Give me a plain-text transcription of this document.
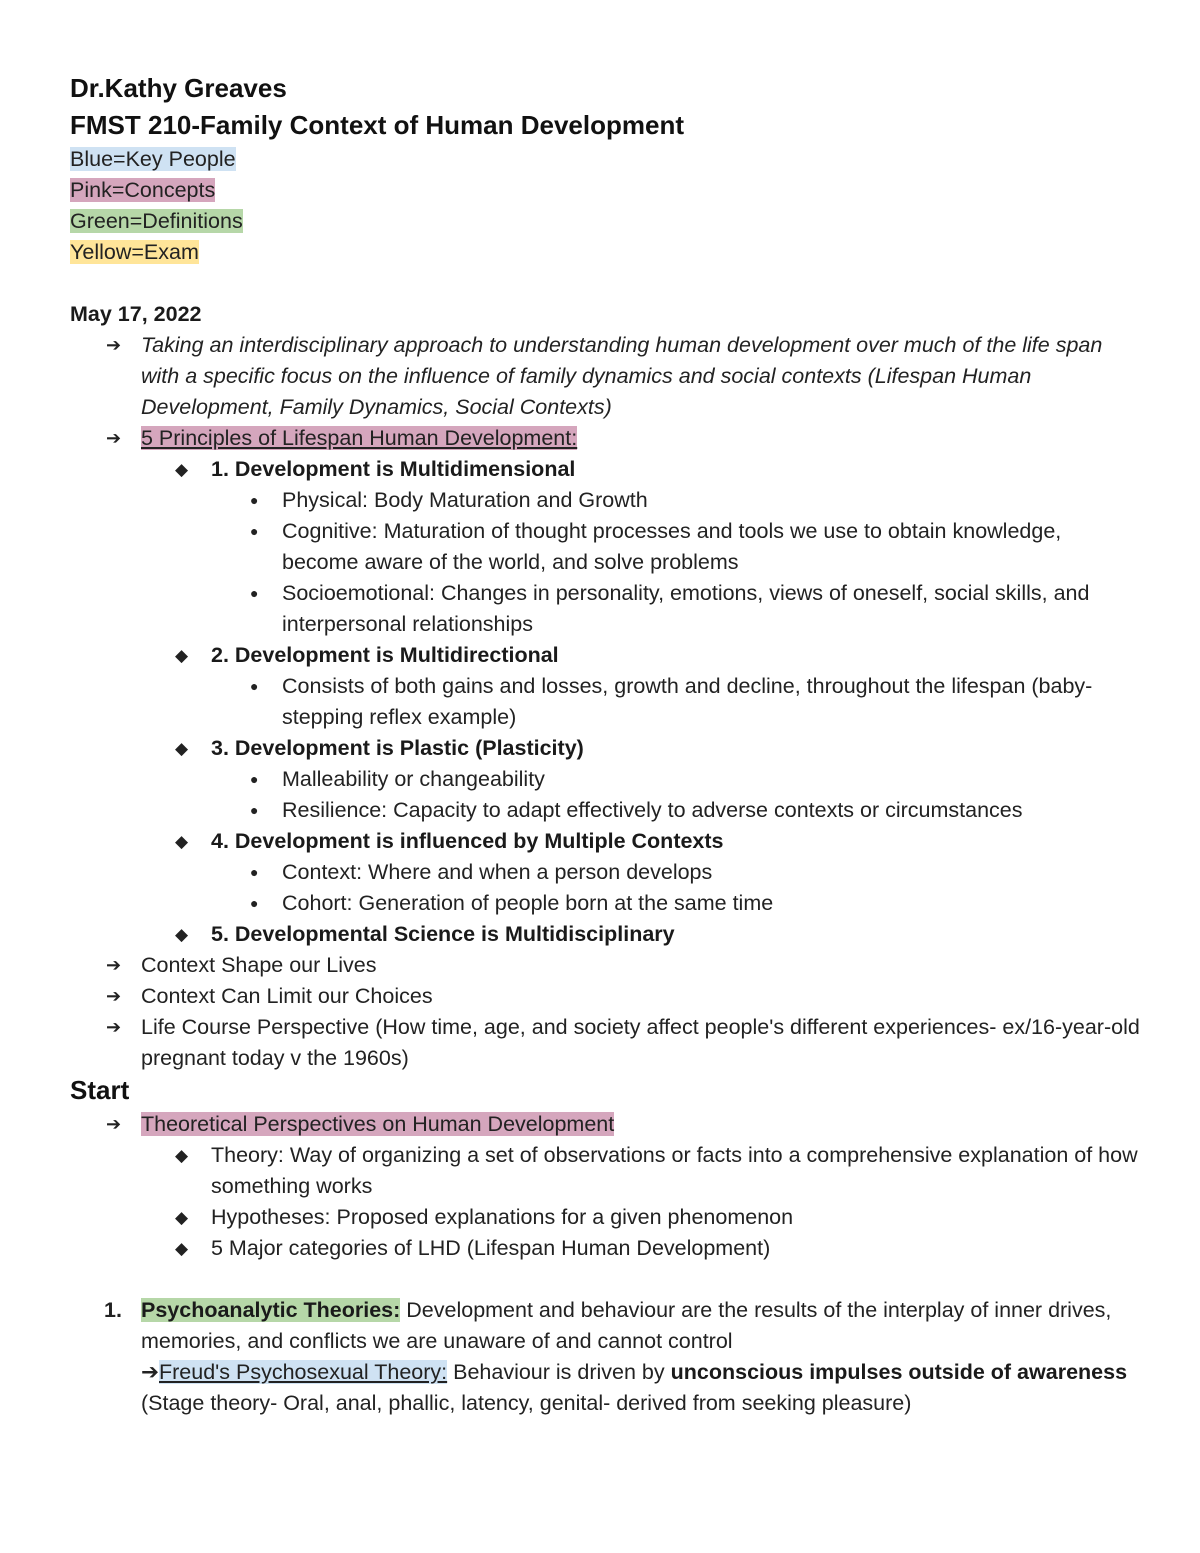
Dr.Kathy Greaves
FMST 210-Family Context of Human Development
Blue=Key People
Pink=Concepts
Green=Definitions
Yellow=Exam
May 17, 2022
➔ Taking an interdisciplinary approach to understanding human development over much of the life span with a specific focus on the influence of family dynamics and social contexts (Lifespan Human Development, Family Dynamics, Social Contexts)
➔ 5 Principles of Lifespan Human Development:
◆ 1. Development is Multidimensional
● Physical: Body Maturation and Growth
● Cognitive: Maturation of thought processes and tools we use to obtain knowledge, become aware of the world, and solve problems
● Socioemotional: Changes in personality, emotions, views of oneself, social skills, and interpersonal relationships
◆ 2. Development is Multidirectional
● Consists of both gains and losses, growth and decline, throughout the lifespan (baby-stepping reflex example)
◆ 3. Development is Plastic (Plasticity)
● Malleability or changeability
● Resilience: Capacity to adapt effectively to adverse contexts or circumstances
◆ 4. Development is influenced by Multiple Contexts
● Context: Where and when a person develops
● Cohort: Generation of people born at the same time
◆ 5. Developmental Science is Multidisciplinary
➔ Context Shape our Lives
➔ Context Can Limit our Choices
➔ Life Course Perspective (How time, age, and society affect people's different experiences- ex/16-year-old pregnant today v the 1960s)
Start
➔ Theoretical Perspectives on Human Development
◆ Theory: Way of organizing a set of observations or facts into a comprehensive explanation of how something works
◆ Hypotheses: Proposed explanations for a given phenomenon
◆ 5 Major categories of LHD (Lifespan Human Development)
1. Psychoanalytic Theories: Development and behaviour are the results of the interplay of inner drives, memories, and conflicts we are unaware of and cannot control
➔Freud's Psychosexual Theory: Behaviour is driven by unconscious impulses outside of awareness (Stage theory- Oral, anal, phallic, latency, genital- derived from seeking pleasure)
